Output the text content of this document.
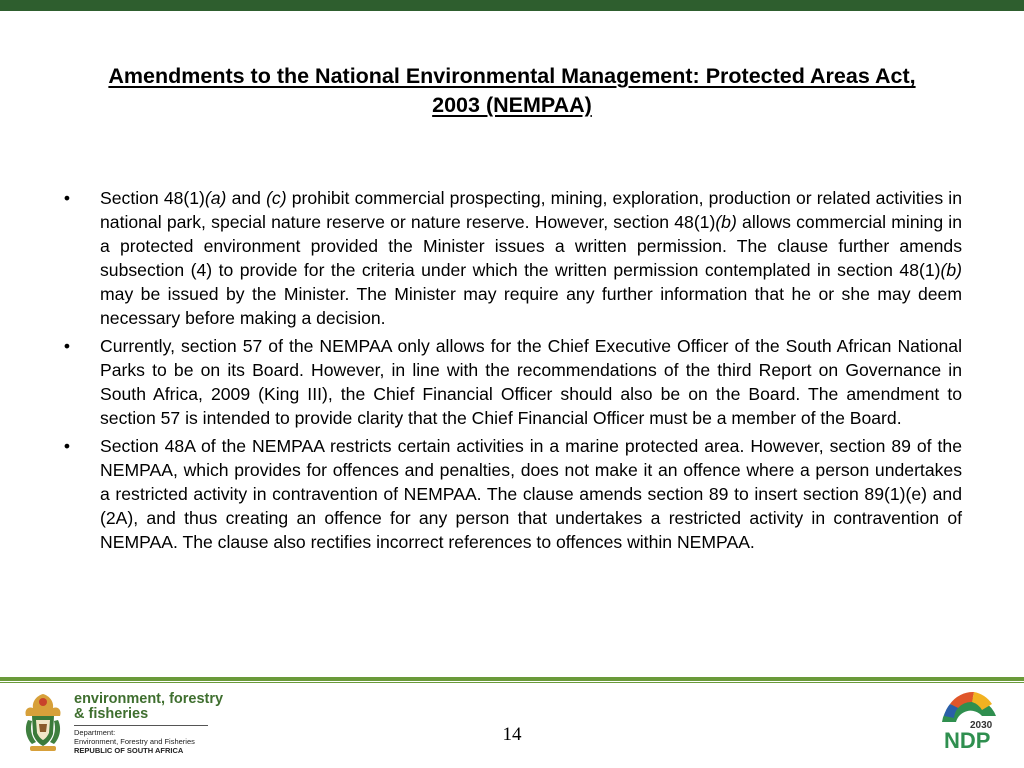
Amendments to the National Environmental Management: Protected Areas Act, 2003 (NEMPAA)
• Section 48(1)(a) and (c) prohibit commercial prospecting, mining, exploration, production or related activities in national park, special nature reserve or nature reserve. However, section 48(1)(b) allows commercial mining in a protected environment provided the Minister issues a written permission. The clause further amends subsection (4) to provide for the criteria under which the written permission contemplated in section 48(1)(b) may be issued by the Minister. The Minister may require any further information that he or she may deem necessary before making a decision.
• Currently, section 57 of the NEMPAA only allows for the Chief Executive Officer of the South African National Parks to be on its Board. However, in line with the recommendations of the third Report on Governance in South Africa, 2009 (King III), the Chief Financial Officer should also be on the Board. The amendment to section 57 is intended to provide clarity that the Chief Financial Officer must be a member of the Board.
• Section 48A of the NEMPAA restricts certain activities in a marine protected area. However, section 89 of the NEMPAA, which provides for offences and penalties, does not make it an offence where a person undertakes a restricted activity in contravention of NEMPAA. The clause amends section 89 to insert section 89(1)(e) and (2A), and thus creating an offence for any person that undertakes a restricted activity in contravention of NEMPAA. The clause also rectifies incorrect references to offences within NEMPAA.
environment, forestry
& fisheries
Department:
Environment, Forestry and Fisheries
REPUBLIC OF SOUTH AFRICA
14	2030
NDP
